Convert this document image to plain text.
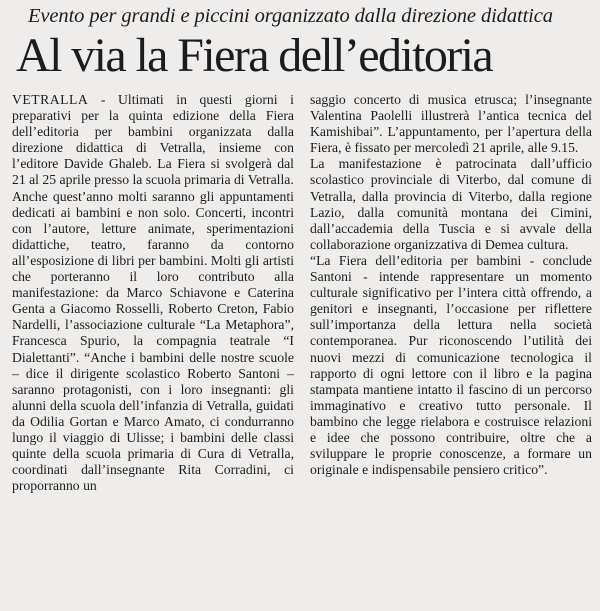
Evento per grandi e piccini organizzato dalla direzione didattica
Al via la Fiera dell’editoria

VETRALLA - Ultimati in questi giorni i preparativi per la quinta edizione della Fiera dell’editoria per bambini organizzata dalla direzione didattica di Vetralla, insieme con l’editore Davide Ghaleb. La Fiera si svolgerà dal 21 al 25 aprile presso la scuola primaria di Vetralla.

Anche quest’anno molti saranno gli appuntamenti dedicati ai bambini e non solo. Concerti, incontri con l’autore, letture animate, sperimentazioni didattiche, teatro, faranno da contorno all’esposizione di libri per bambini. Molti gli artisti che porteranno il loro contributo alla manifestazione: da Marco Schiavone e Caterina Genta a Giacomo Rosselli, Roberto Creton, Fabio Nardelli, l’associazione culturale “La Metaphora”, Francesca Spurio, la compagnia teatrale “I Dialettanti”. “Anche i bambini delle nostre scuole – dice il dirigente scolastico Roberto Santoni – saranno protagonisti, con i loro insegnanti: gli alunni della scuola dell’infanzia di Vetralla, guidati da Odilia Gortan e Marco Amato, ci condurranno lungo il viaggio di Ulisse; i bambini delle classi quinte della scuola primaria di Cura di Vetralla, coordinati dall’insegnante Rita Corradini, ci proporranno un

saggio concerto di musica etrusca; l’insegnante Valentina Paolelli illustrerà l’antica tecnica del Kamishibai”. L’appuntamento, per l’apertura della Fiera, è fissato per mercoledì 21 aprile, alle 9.15.

La manifestazione è patrocinata dall’ufficio scolastico provinciale di Viterbo, dal comune di Vetralla, dalla provincia di Viterbo, dalla regione Lazio, dalla comunità montana dei Cimini, dall’accademia della Tuscia e si avvale della collaborazione organizzativa di Demea cultura.

“La Fiera dell’editoria per bambini - conclude Santoni - intende rappresentare un momento culturale significativo per l’intera città offrendo, a genitori e insegnanti, l’occasione per riflettere sull’importanza della lettura nella società contemporanea. Pur riconoscendo l’utilità dei nuovi mezzi di comunicazione tecnologica il rapporto di ogni lettore con il libro e la pagina stampata mantiene intatto il fascino di un percorso immaginativo e creativo tutto personale. Il bambino che legge rielabora e costruisce relazioni e idee che possono contribuire, oltre che a sviluppare le proprie conoscenze, a formare un originale e indispensabile pensiero critico”.
